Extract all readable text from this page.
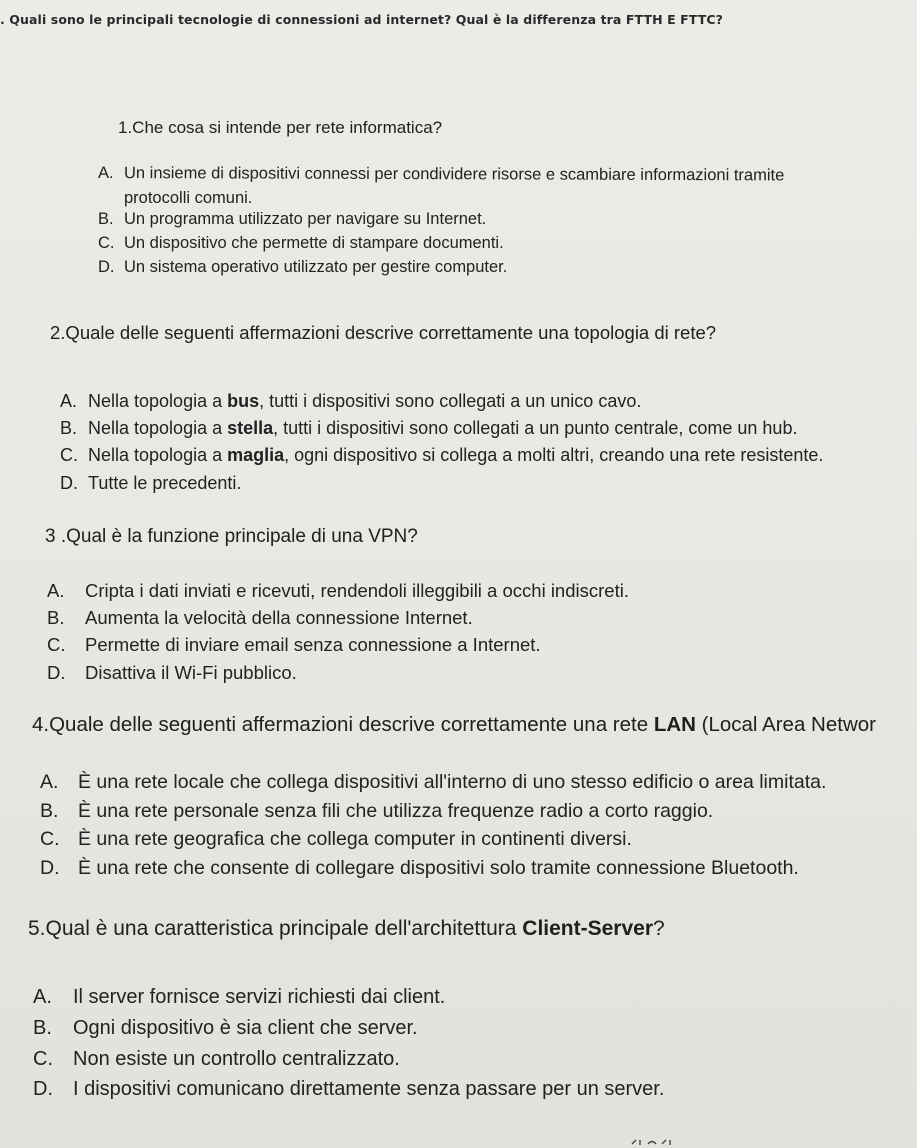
. Quali sono le principali tecnologie di connessioni ad internet? Qual è la differenza tra FTTH E FTTC?
1.Che cosa si intende per rete informatica?
A. Un insieme di dispositivi connessi per condividere risorse e scambiare informazioni tramite
protocolli comuni.
B. Un programma utilizzato per navigare su Internet.
C. Un dispositivo che permette di stampare documenti.
D. Un sistema operativo utilizzato per gestire computer.
2.Quale delle seguenti affermazioni descrive correttamente una topologia di rete?
A. Nella topologia a bus, tutti i dispositivi sono collegati a un unico cavo.
B. Nella topologia a stella, tutti i dispositivi sono collegati a un punto centrale, come un hub.
C. Nella topologia a maglia, ogni dispositivo si collega a molti altri, creando una rete resistente.
D. Tutte le precedenti.
3 .Qual è la funzione principale di una VPN?
A. Cripta i dati inviati e ricevuti, rendendoli illeggibili a occhi indiscreti.
B. Aumenta la velocità della connessione Internet.
C. Permette di inviare email senza connessione a Internet.
D. Disattiva il Wi-Fi pubblico.
4.Quale delle seguenti affermazioni descrive correttamente una rete LAN (Local Area Networ
A. È una rete locale che collega dispositivi all'interno di uno stesso edificio o area limitata.
B. È una rete personale senza fili che utilizza frequenze radio a corto raggio.
C. È una rete geografica che collega computer in continenti diversi.
D. È una rete che consente di collegare dispositivi solo tramite connessione Bluetooth.
5.Qual è una caratteristica principale dell'architettura Client-Server?
A. Il server fornisce servizi richiesti dai client.
B. Ogni dispositivo è sia client che server.
C. Non esiste un controllo centralizzato.
D. I dispositivi comunicano direttamente senza passare per un server.
